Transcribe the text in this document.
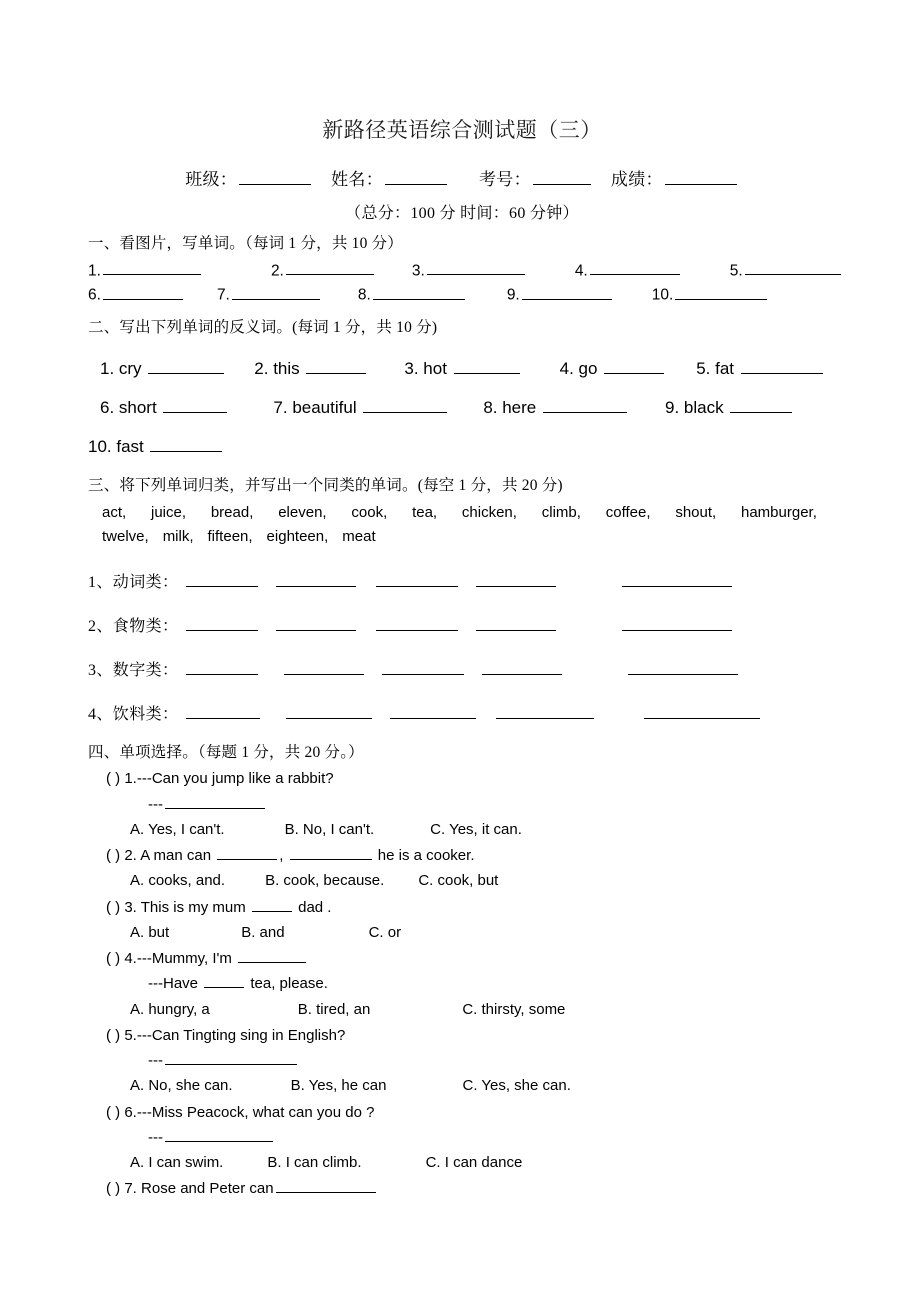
新路径英语综合测试题（三）
班级：	姓名：	考号：	成绩：
（总分：100 分 时间：60 分钟）
一、看图片，写单词。（每词 1 分，共 10 分）
1.	2.	3.	4.	5.
6.	7.	8.	9.	10.
二、写出下列单词的反义词。(每词 1 分，共 10 分)
1. cry	2. this	3. hot	4. go	5. fat
6. short	7. beautiful	8. here	9. black
10. fast
三、将下列单词归类，并写出一个同类的单词。(每空 1 分，共 20 分)
act, juice, bread, eleven, cook, tea, chicken, climb, coffee, shout, hamburger,
twelve, milk, fifteen, eighteen, meat
1、动词类：
2、食物类：
3、数字类：
4、饮料类：
四、单项选择。（每题 1 分，共 20 分。）
( ) 1.---Can you jump like a rabbit?
---
A. Yes, I can't.	B. No, I can't.	C. Yes, it can.
( ) 2. A man can	,	he is a cooker.
A. cooks, and.	B. cook, because. C. cook, but
( ) 3. This is my mum	dad .
A. but	B. and	C. or
( ) 4.---Mummy, I'm
---Have	tea, please.
A. hungry, a	B. tired, an	C. thirsty, some
( ) 5.---Can Tingting sing in English?
---
A. No, she can.	B. Yes, he can	C. Yes, she can.
( ) 6.---Miss Peacock, what can you do ?
---
A. I can swim.	B. I can climb.	C. I can dance
( ) 7. Rose and Peter can
